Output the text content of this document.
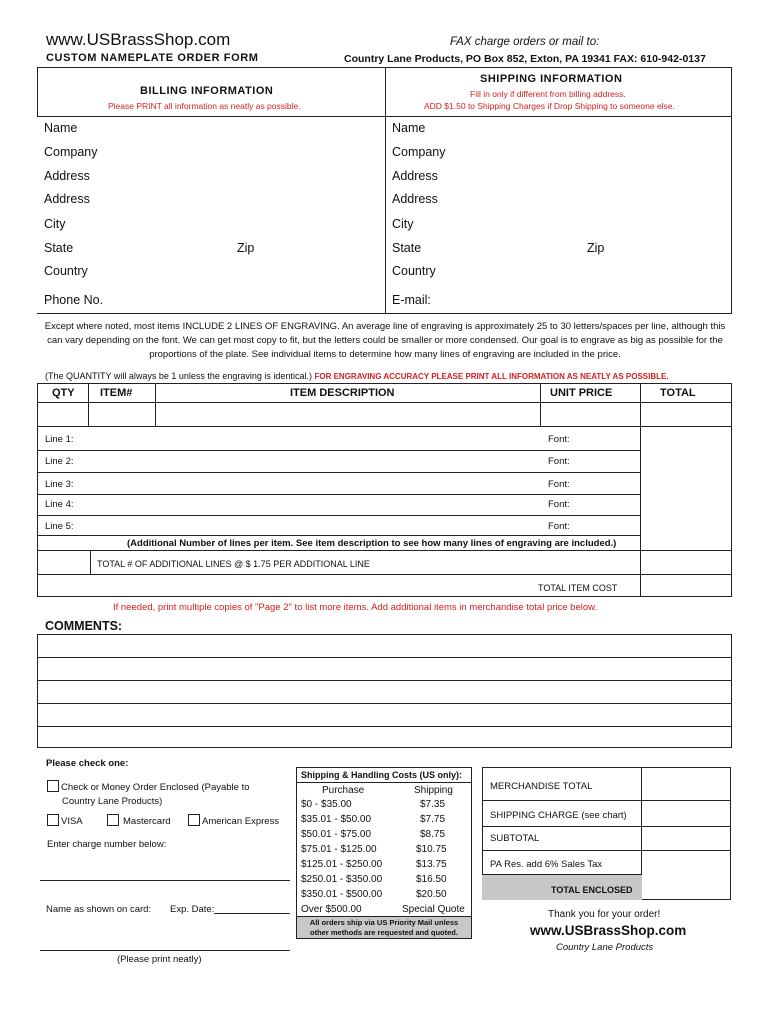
www.USBrassShop.com
CUSTOM NAMEPLATE ORDER FORM
FAX charge orders or mail to:
Country Lane Products, PO Box 852, Exton, PA 19341 FAX: 610-942-0137
BILLING INFORMATION
Please PRINT all information as neatly as possible.
SHIPPING INFORMATION
Fill in only if different from billing address.
ADD $1.50 to Shipping Charges if Drop Shipping to someone else.
Name
Company
Address
Address
City
State	Zip
Country
Phone No.
Name
Company
Address
Address
City
State	Zip
Country
E-mail:
Except where noted, most items INCLUDE 2 LINES OF ENGRAVING. An average line of engraving is approximately 25 to 30 letters/spaces per line, although this can vary depending on the font. We can get most copy to fit, but the letters could be smaller or more condensed. Our goal is to engrave as big as possible for the proportions of the plate. See individual items to determine how many lines of engraving are included in the price.
(The QUANTITY will always be 1 unless the engraving is identical.) FOR ENGRAVING ACCURACY PLEASE PRINT ALL INFORMATION AS NEATLY AS POSSIBLE.
QTY ITEM#	ITEM DESCRIPTION	UNIT PRICE	TOTAL
Line 1:	Font:
Line 2:	Font:
Line 3:	Font:
Line 4:	Font:
Line 5:	Font:
(Additional Number of lines per item. See item description to see how many lines of engraving are included.)
TOTAL # OF ADDITIONAL LINES @ $ 1.75 PER ADDITIONAL LINE
TOTAL ITEM COST
If needed, print multiple copies of "Page 2" to list more items. Add additional items in merchandise total price below.
COMMENTS:
Please check one:
Check or Money Order Enclosed (Payable to
Country Lane Products)
VISA	Mastercard	American Express
Enter charge number below:
Name as shown on card: Exp. Date:
(Please print neatly)
Shipping & Handling Costs (US only):
Purchase	Shipping
$0 - $35.00	$7.35
$35.01 - $50.00	$7.75
$50.01 - $75.00	$8.75
$75.01 - $125.00	$10.75
$125.01 - $250.00	$13.75
$250.01 - $350.00	$16.50
$350.01 - $500.00	$20.50
Over $500.00	Special Quote
All orders ship via US Priority Mail unless
other methods are requested and quoted.
MERCHANDISE TOTAL
SHIPPING CHARGE (see chart)
SUBTOTAL
PA Res. add 6% Sales Tax
TOTAL ENCLOSED
Thank you for your order!
www.USBrassShop.com
Country Lane Products
